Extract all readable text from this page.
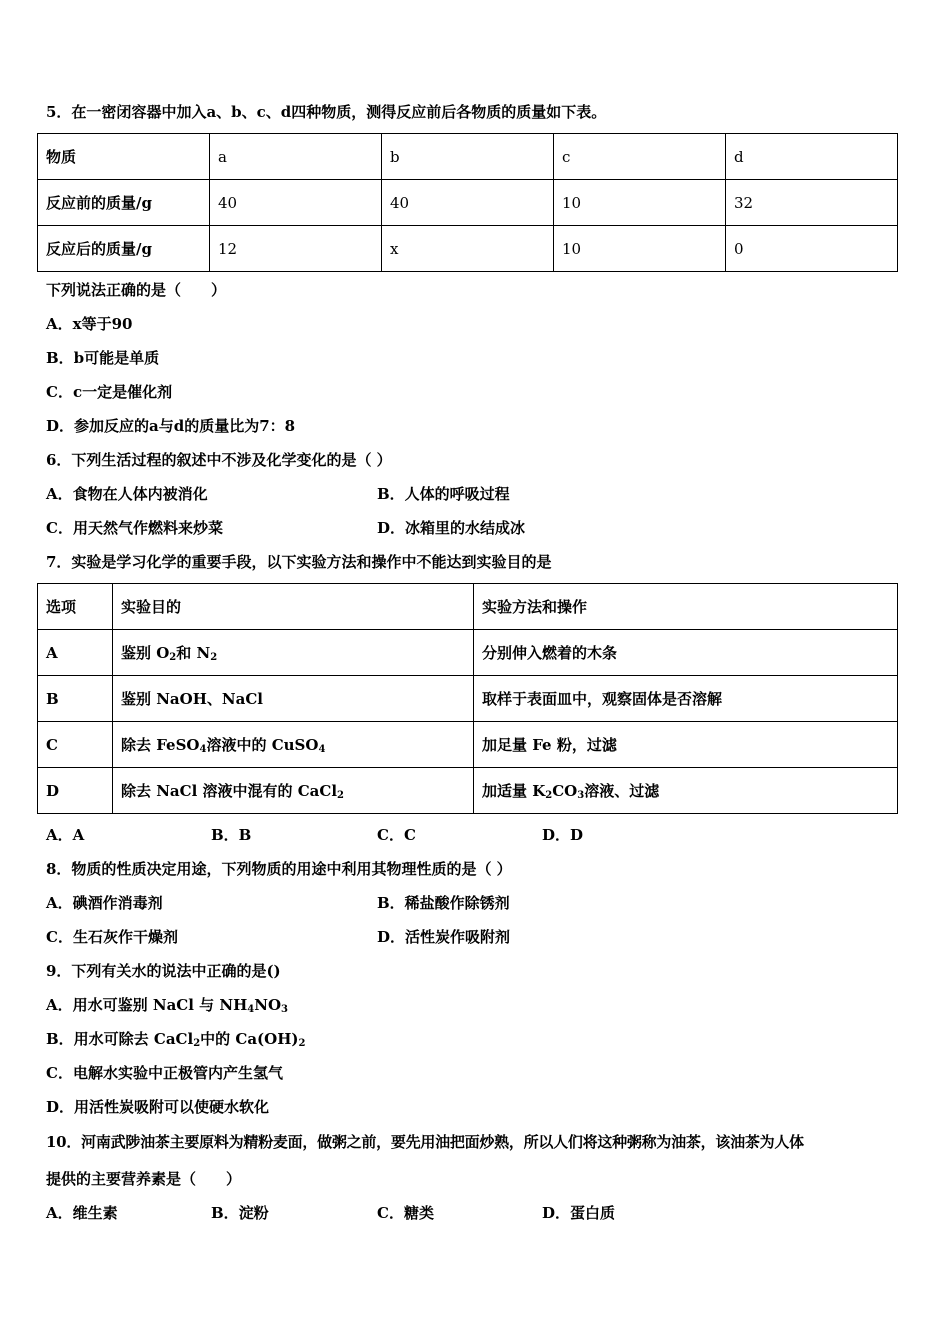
5．在一密闭容器中加入a、b、c、d四种物质，测得反应前后各物质的质量如下表。
物质	a	b	c	d
反应前的质量/g	40	40	10	32
反应后的质量/g	12	x	10	0
下列说法正确的是（　　）
A．x等于90
B．b可能是单质
C．c一定是催化剂
D．参加反应的a与d的质量比为7：8
6．下列生活过程的叙述中不涉及化学变化的是（ ）
A．食物在人体内被消化	B．人体的呼吸过程
C．用天然气作燃料来炒菜	D．冰箱里的水结成冰
7．实验是学习化学的重要手段，以下实验方法和操作中不能达到实验目的是
选项	实验目的	实验方法和操作
A	鉴别 $O_2$和 $N_2$	分别伸入燃着的木条
B	鉴别 NaOH、NaCl	取样于表面皿中，观察固体是否溶解
C	除去 FeSO$_4$溶液中的 CuSO$_4$	加足量 Fe 粉，过滤
D	除去 NaCl 溶液中混有的 CaCl$_2$	加适量 $K_2CO_3$溶液、过滤
A．A	B．B	C．C	D．D
8．物质的性质决定用途，下列物质的用途中利用其物理性质的是（ ）
A．碘酒作消毒剂	B．稀盐酸作除锈剂
C．生石灰作干燥剂	D．活性炭作吸附剂
9．下列有关水的说法中正确的是()
A．用水可鉴别 NaCl 与 $NH_4NO_3$
B．用水可除去 CaCl$_2$中的 $Ca(OH)_2$
C．电解水实验中正极管内产生氢气
D．用活性炭吸附可以使硬水软化
10．河南武陟油茶主要原料为精粉麦面，做粥之前，要先用油把面炒熟，所以人们将这种粥称为油茶，该油茶为人体
提供的主要营养素是（　　）
A．维生素	B．淀粉	C．糖类	D．蛋白质
